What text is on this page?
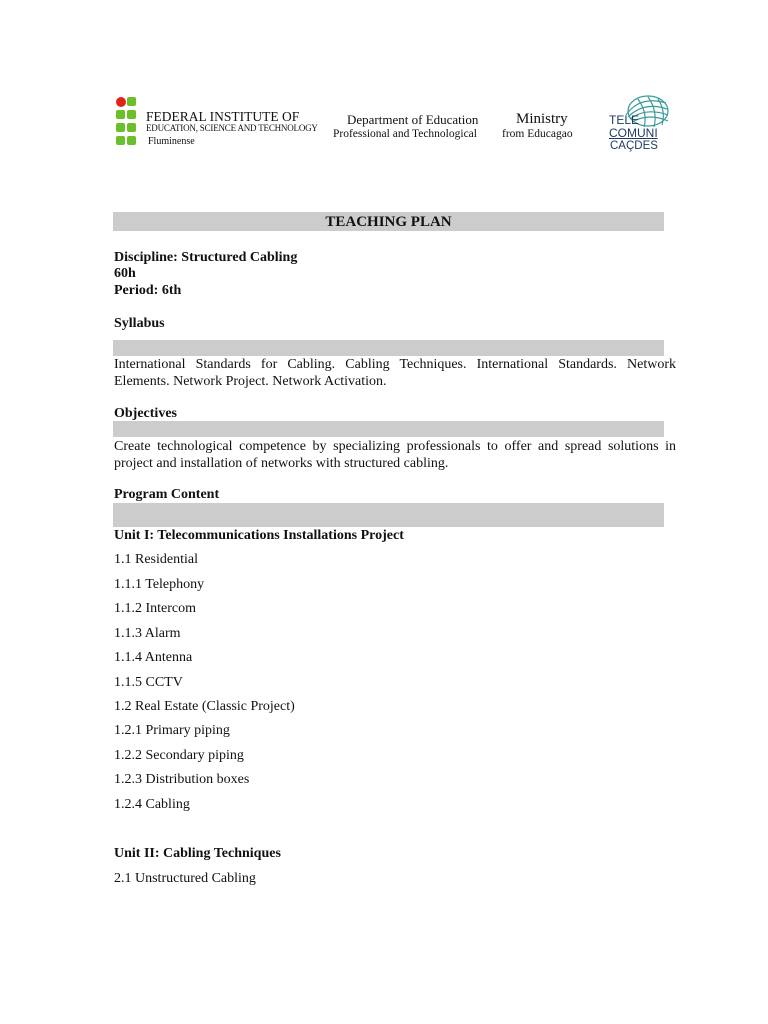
FEDERAL INSTITUTE OF
EDUCATION, SCIENCE AND TECHNOLOGY
Fluminense
Department of Education
Professional and Technological
Ministry
from Educagao
TELE
COMUNI
CAÇDES
TEACHING PLAN
Discipline: Structured Cabling
60h
Period: 6th
Syllabus
International Standards for Cabling. Cabling Techniques. International Standards. Network Elements. Network Project. Network Activation.
Objectives
Create technological competence by specializing professionals to offer and spread solutions in project and installation of networks with structured cabling.
Program Content
Unit I: Telecommunications Installations Project
1.1 Residential
1.1.1 Telephony
1.1.2 Intercom
1.1.3 Alarm
1.1.4 Antenna
1.1.5 CCTV
1.2 Real Estate (Classic Project)
1.2.1 Primary piping
1.2.2 Secondary piping
1.2.3 Distribution boxes
1.2.4 Cabling
Unit II: Cabling Techniques
2.1 Unstructured Cabling
